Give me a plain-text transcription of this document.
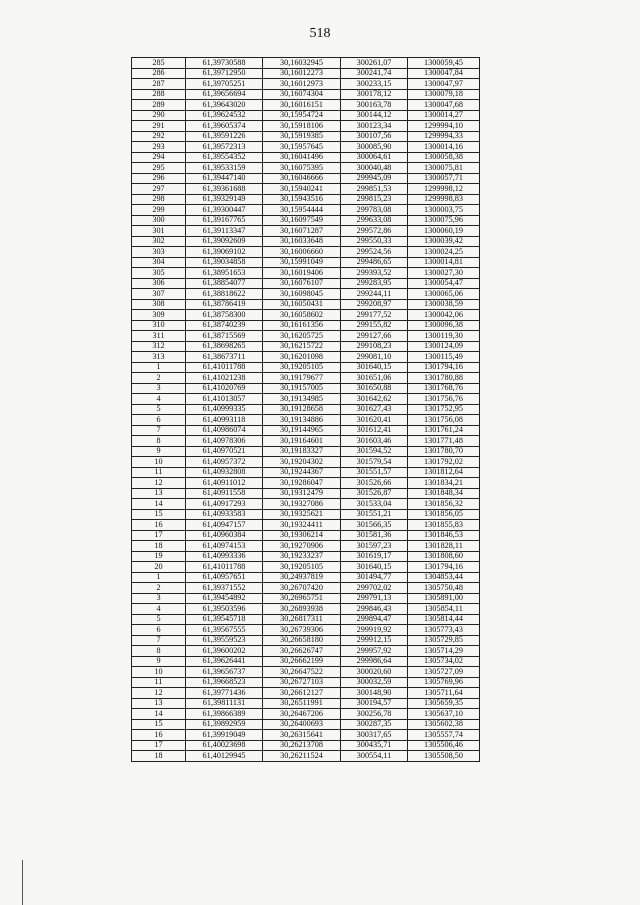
518
285	61,39730588	30,16032945	300261,07	1300059,45
286	61,39712950	30,16012273	300241,74	1300047,84
287	61,39705251	30,16012973	300233,15	1300047,97
288	61,39656694	30,16074304	300178,12	1300079,18
289	61,39643020	30,16016151	300163,78	1300047,68
290	61,39624532	30,15954724	300144,12	1300014,27
291	61,39605374	30,15918106	300123,34	1299994,10
292	61,39591226	30,15919385	300107,56	1299994,33
293	61,39572313	30,15957645	300085,90	1300014,16
294	61,39554352	30,16041496	300064,61	1300058,38
295	61,39533159	30,16075395	300040,48	1300075,81
296	61,39447140	30,16046666	299945,09	1300057,71
297	61,39361688	30,15940241	299851,53	1299998,12
298	61,39329149	30,15943516	299815,23	1299998,83
299	61,39300447	30,15954444	299783,08	1300003,75
300	61,39167765	30,16097549	299633,08	1300075,96
301	61,39113347	30,16071287	299572,86	1300060,19
302	61,39092609	30,16033648	299550,33	1300039,42
303	61,39069102	30,16006660	299524,56	1300024,25
304	61,39034858	30,15991049	299486,65	1300014,81
305	61,38951653	30,16019406	299393,52	1300027,30
306	61,38854077	30,16076107	299283,95	1300054,47
307	61,38818622	30,16098045	299244,11	1300065,06
308	61,38786419	30,16050431	299208,97	1300038,59
309	61,38758300	30,16058602	299177,52	1300042,06
310	61,38740239	30,16161356	299155,82	1300096,38
311	61,38715569	30,16205725	299127,66	1300119,30
312	61,38698265	30,16215722	299108,23	1300124,09
313	61,38673711	30,16201098	299081,10	1300115,49
1	61,41011788	30,19205105	301640,15	1301794,16
2	61,41021238	30,19179677	301651,06	1301780,88
3	61,41020769	30,19157005	301650,88	1301768,76
4	61,41013057	30,19134985	301642,62	1301756,76
5	61,40999335	30,19128658	301627,43	1301752,95
6	61,40993118	30,19134886	301620,41	1301756,08
7	61,40986074	30,19144965	301612,41	1301761,24
8	61,40978306	30,19164601	301603,46	1301771,48
9	61,40970521	30,19183327	301594,52	1301780,70
10	61,40957372	30,19204302	301579,54	1301792,02
11	61,40932808	30,19244367	301551,57	1301812,64
12	61,40911012	30,19286047	301526,66	1301834,21
13	61,40911558	30,19312479	301526,87	1301848,34
14	61,40917293	30,19327086	301533,04	1301856,32
15	61,40933583	30,19325621	301551,21	1301856,05
16	61,40947157	30,19324411	301566,35	1301855,83
17	61,40960384	30,19306214	301581,36	1301846,53
18	61,40974153	30,19270906	301597,23	1301828,11
19	61,40993336	30,19233237	301619,17	1301808,60
20	61,41011788	30,19205105	301640,15	1301794,16
1	61,40957651	30,24937819	301494,77	1304853,44
2	61,39371552	30,26707420	299702,02	1305750,48
3	61,39454892	30,26965751	299791,13	1305891,00
4	61,39503596	30,26893938	299846,43	1305854,11
5	61,39545718	30,26817311	299894,47	1305814,44
6	61,39567555	30,26739306	299919,92	1305773,43
7	61,39559523	30,26658180	299912,15	1305729,85
8	61,39600202	30,26626747	299957,92	1305714,29
9	61,39626441	30,26662199	299986,64	1305734,02
10	61,39656737	30,26647522	300020,60	1305727,09
11	61,39668523	30,26727103	300032,59	1305769,96
12	61,39771436	30,26612127	300148,90	1305711,64
13	61,39811131	30,26511991	300194,57	1305659,35
14	61,39866389	30,26467206	300256,78	1305637,10
15	61,39892959	30,26400693	300287,35	1305602,38
16	61,39919049	30,26315641	300317,65	1305557,74
17	61,40023698	30,26213708	300435,71	1305506,46
18	61,40129945	30,26211524	300554,11	1305508,50
